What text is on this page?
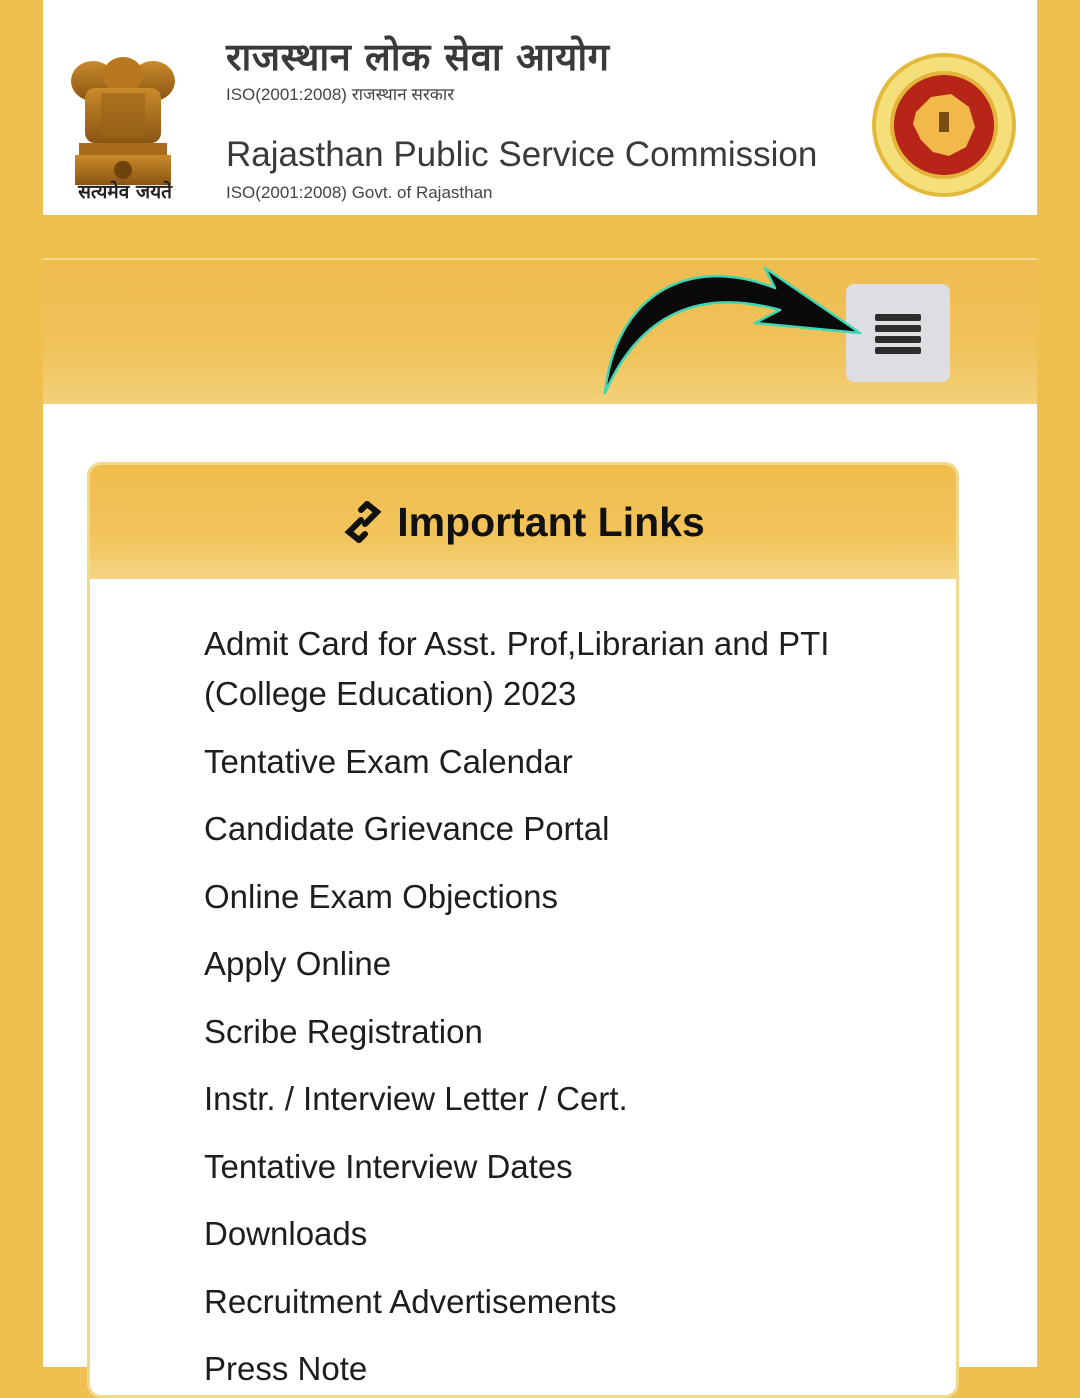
सत्यमेव जयते
राजस्थान लोक सेवा आयोग
ISO(2001:2008) राजस्थान सरकार
Rajasthan Public Service Commission
ISO(2001:2008) Govt. of Rajasthan
Important Links
Admit Card for Asst. Prof,Librarian and PTI (College Education) 2023
Tentative Exam Calendar
Candidate Grievance Portal
Online Exam Objections
Apply Online
Scribe Registration
Instr. / Interview Letter / Cert.
Tentative Interview Dates
Downloads
Recruitment Advertisements
Press Note
